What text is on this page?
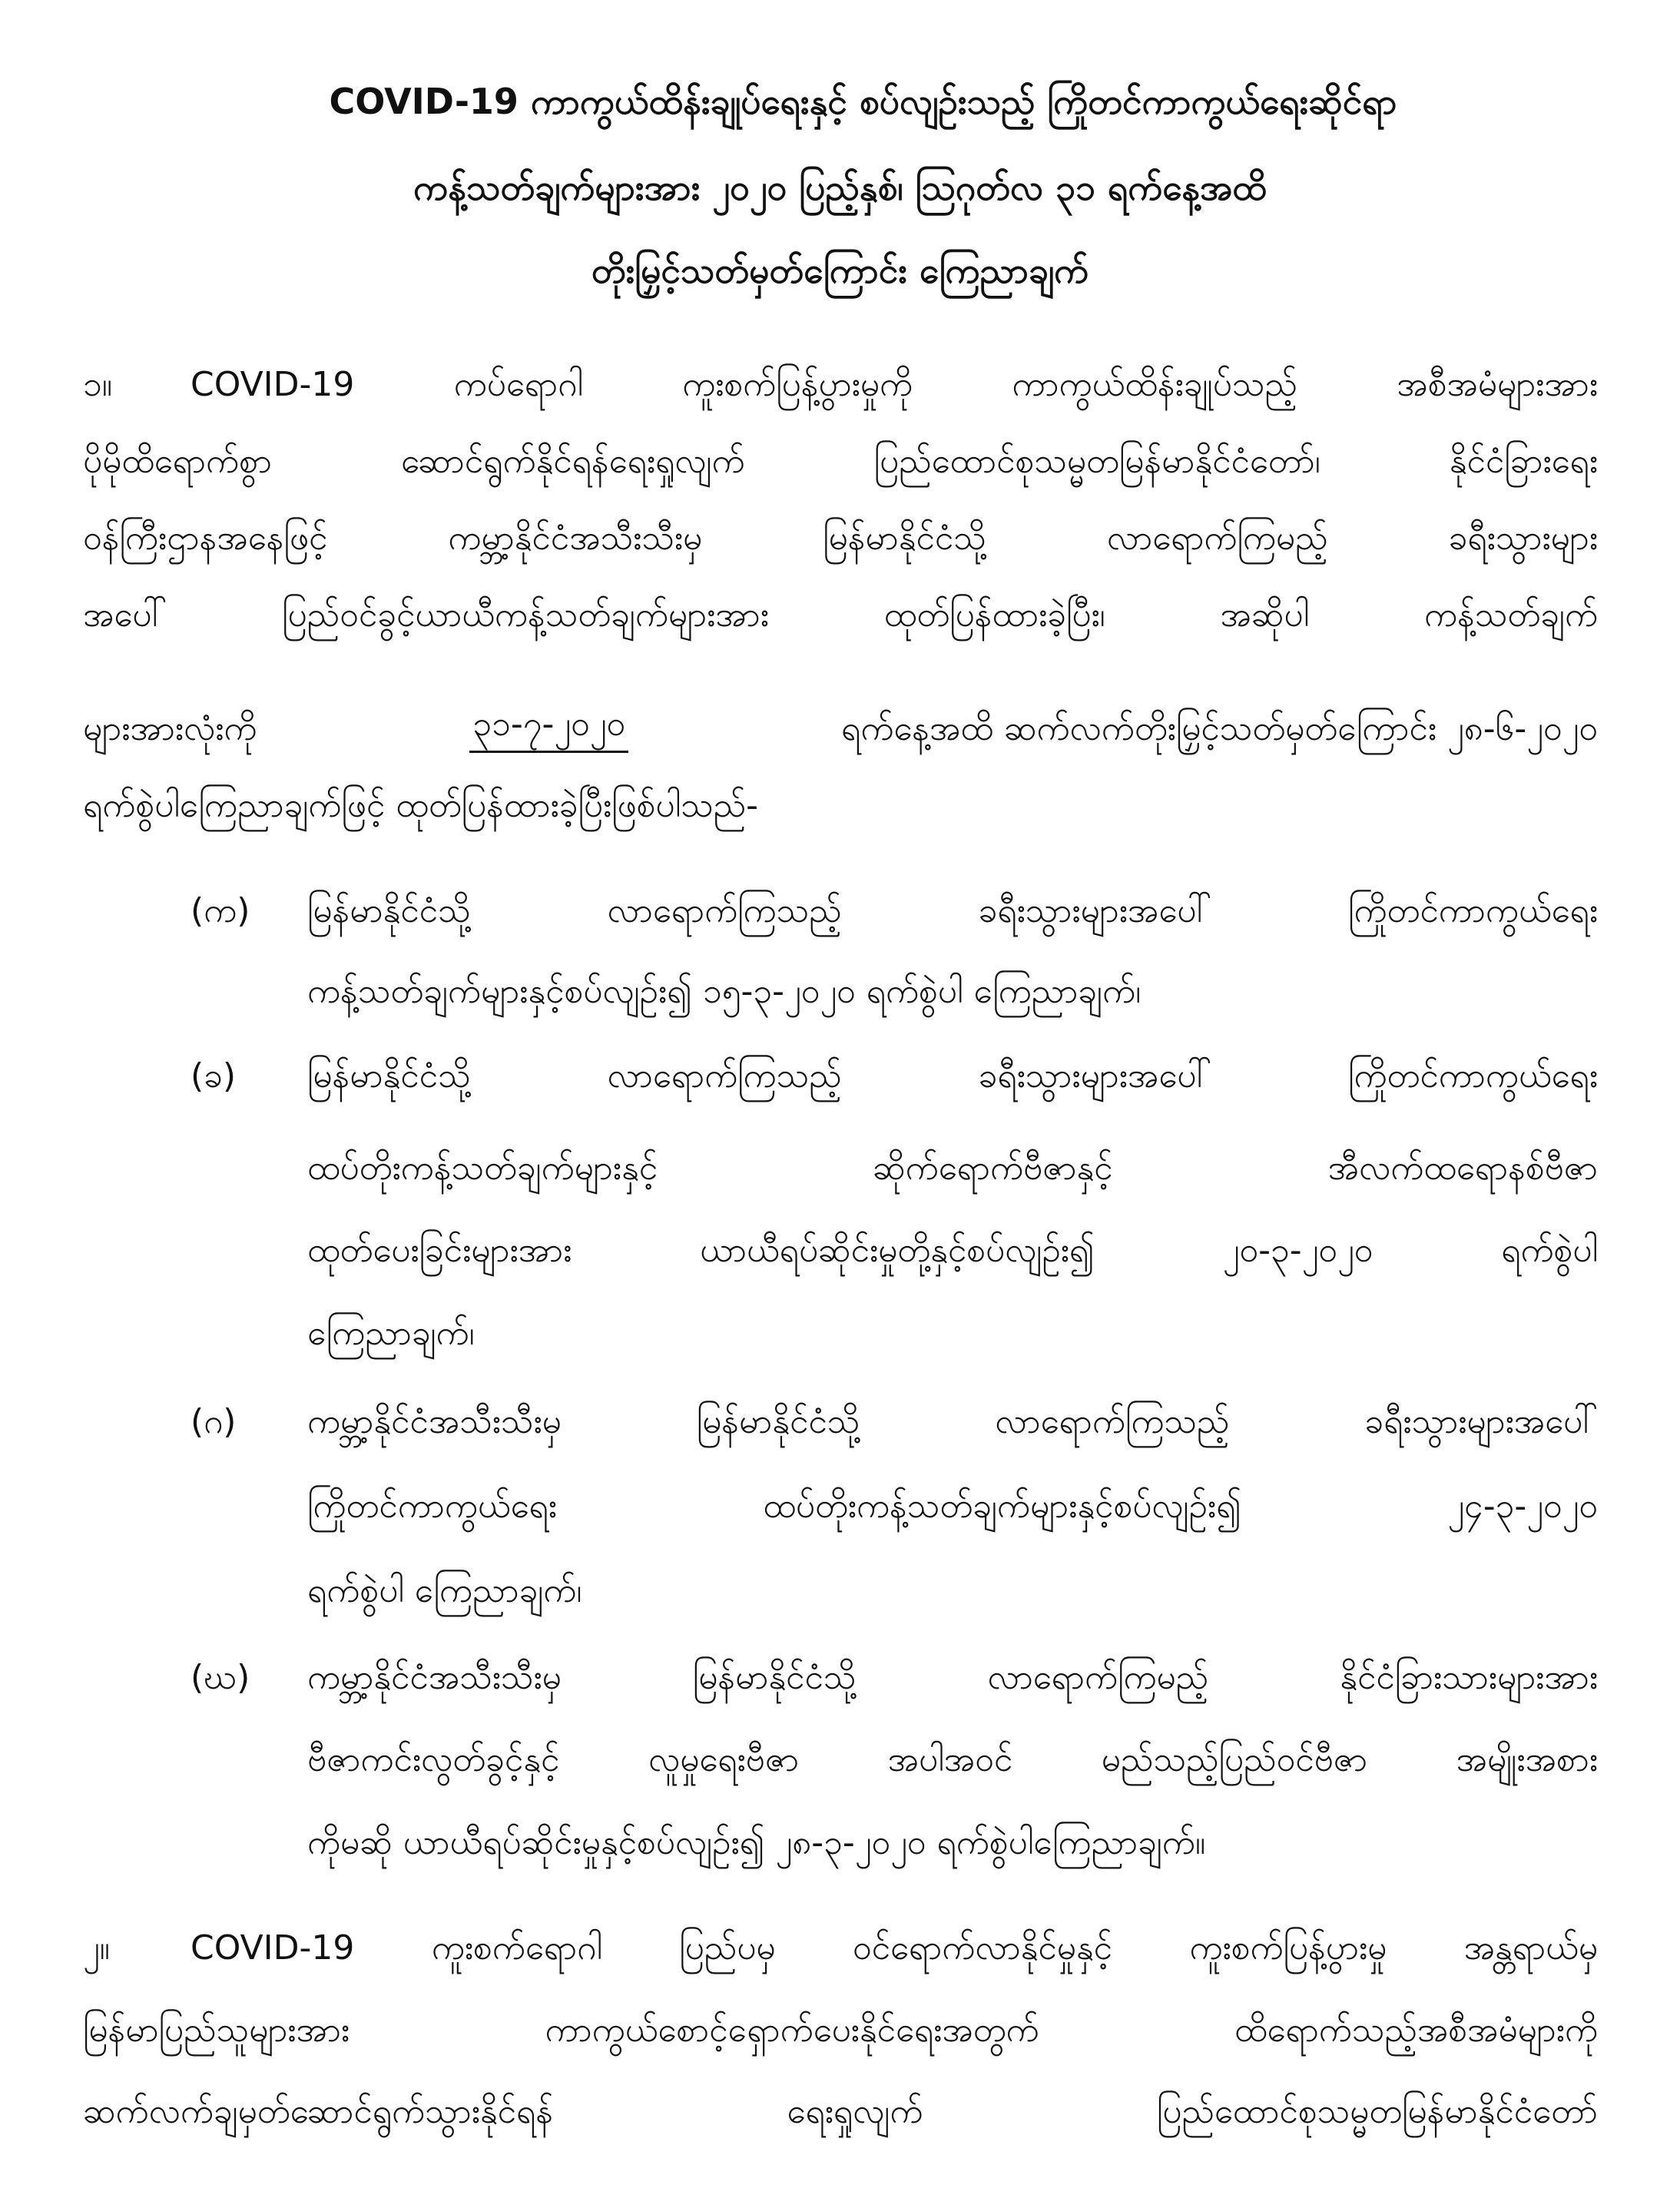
COVID-19 ကာကွယ်ထိန်းချုပ်ရေးနှင့် စပ်လျဉ်းသည့် ကြိုတင်ကာကွယ်ရေးဆိုင်ရာ
ကန့်သတ်ချက်များအား ၂၀၂၀ ပြည့်နှစ်၊ ဩဂုတ်လ ၃၁ ရက်နေ့အထိ
တိုးမြှင့်သတ်မှတ်ကြောင်း ကြေညာချက်
၁။ COVID-19 ကပ်ရောဂါ ကူးစက်ပြန့်ပွားမှုကို ကာကွယ်ထိန်းချုပ်သည့် အစီအမံများအား
ပိုမိုထိရောက်စွာ ဆောင်ရွက်နိုင်ရန်ရေးရှုလျက် ပြည်ထောင်စုသမ္မတမြန်မာနိုင်ငံတော်၊ နိုင်ငံခြားရေး
ဝန်ကြီးဌာနအနေဖြင့် ကမ္ဘာ့နိုင်ငံအသီးသီးမှ မြန်မာနိုင်ငံသို့ လာရောက်ကြမည့် ခရီးသွားများ
အပေါ် ပြည်ဝင်ခွင့်ယာယီကန့်သတ်ချက်များအား ထုတ်ပြန်ထားခဲ့ပြီး၊ အဆိုပါ ကန့်သတ်ချက်
များအားလုံးကို	၃၁-၇-၂၀၂၀	ရက်နေ့အထိ ဆက်လက်တိုးမြှင့်သတ်မှတ်ကြောင်း ၂၈-၆-၂၀၂၀
ရက်စွဲပါကြေညာချက်ဖြင့် ထုတ်ပြန်ထားခဲ့ပြီးဖြစ်ပါသည်-
(က) မြန်မာနိုင်ငံသို့ လာရောက်ကြသည့် ခရီးသွားများအပေါ် ကြိုတင်ကာကွယ်ရေး
ကန့်သတ်ချက်များနှင့်စပ်လျဉ်း၍ ၁၅-၃-၂၀၂၀ ရက်စွဲပါ ကြေညာချက်၊
(ခ) မြန်မာနိုင်ငံသို့ လာရောက်ကြသည့် ခရီးသွားများအပေါ် ကြိုတင်ကာကွယ်ရေး
ထပ်တိုးကန့်သတ်ချက်များနှင့် ဆိုက်ရောက်ဗီဇာနှင့် အီလက်ထရောနစ်ဗီဇာ
ထုတ်ပေးခြင်းများအား ယာယီရပ်ဆိုင်းမှုတို့နှင့်စပ်လျဉ်း၍ ၂၀-၃-၂၀၂၀ ရက်စွဲပါ
ကြေညာချက်၊
(ဂ) ကမ္ဘာ့နိုင်ငံအသီးသီးမှ မြန်မာနိုင်ငံသို့ လာရောက်ကြသည့် ခရီးသွားများအပေါ်
ကြိုတင်ကာကွယ်ရေး ထပ်တိုးကန့်သတ်ချက်များနှင့်စပ်လျဉ်း၍ ၂၄-၃-၂၀၂၀
ရက်စွဲပါ ကြေညာချက်၊
(ဃ) ကမ္ဘာ့နိုင်ငံအသီးသီးမှ မြန်မာနိုင်ငံသို့ လာရောက်ကြမည့် နိုင်ငံခြားသားများအား
ဗီဇာကင်းလွတ်ခွင့်နှင့် လူမှုရေးဗီဇာ အပါအဝင် မည်သည့်ပြည်ဝင်ဗီဇာ အမျိုးအစား
ကိုမဆို ယာယီရပ်ဆိုင်းမှုနှင့်စပ်လျဉ်း၍ ၂၈-၃-၂၀၂၀ ရက်စွဲပါကြေညာချက်။
၂။ COVID-19 ကူးစက်ရောဂါ ပြည်ပမှ ဝင်ရောက်လာနိုင်မှုနှင့် ကူးစက်ပြန့်ပွားမှု အန္တရာယ်မှ
မြန်မာပြည်သူများအား ကာကွယ်စောင့်ရှောက်ပေးနိုင်ရေးအတွက် ထိရောက်သည့်အစီအမံများကို
ဆက်လက်ချမှတ်ဆောင်ရွက်သွားနိုင်ရန် ရေးရှုလျက် ပြည်ထောင်စုသမ္မတမြန်မာနိုင်ငံတော်
